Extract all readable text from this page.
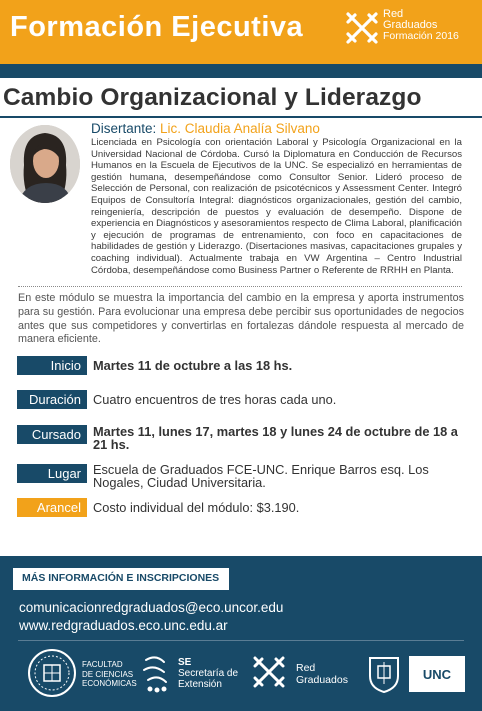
Formación Ejecutiva	Red
Graduados
Formación 2016
Cambio Organizacional y Liderazgo
Disertante: Lic. Claudia Analía Silvano
Licenciada en Psicología con orientación Laboral y Psicología Organizacional en la Universidad Nacional de Córdoba. Cursó la Diplomatura en Conducción de Recursos Humanos en la Escuela de Ejecutivos de la UNC. Se especializó en herramientas de gestión humana, desempeñándose como Consultor Senior. Lideró proceso de Selección de Personal, con realización de psicotécnicos y Assessment Center. Integró Equipos de Consultoría Integral: diagnósticos organizacionales, gestión del cambio, reingeniería, descripción de puestos y evaluación de desempeño. Dispone de experiencia en Diagnósticos y asesoramientos respecto de Clima Laboral, planificación y ejecución de programas de entrenamiento, con foco en capacitaciones de habilidades de gestión y Liderazgo. (Disertaciones masivas, capacitaciones grupales y coaching individual). Actualmente trabaja en VW Argentina – Centro Industrial Córdoba, desempeñándose como Business Partner o Referente de RRHH en Planta.
En este módulo se muestra la importancia del cambio en la empresa y aporta instrumentos para su gestión. Para evolucionar una empresa debe percibir sus oportunidades de negocios antes que sus competidores y convertirlas en fortalezas dándole respuesta al mercado de manera eficiente.
Inicio Martes 11 de octubre a las 18 hs.
Duración Cuatro encuentros de tres horas cada uno.
Cursado Martes 11, lunes 17, martes 18 y lunes 24 de octubre de 18 a 21 hs.
Lugar Escuela de Graduados FCE-UNC. Enrique Barros esq. Los Nogales, Ciudad Universitaria.
Arancel Costo individual del módulo: $3.190.
MÁS INFORMACIÓN E INSCRIPCIONES
comunicacionredgraduados@eco.uncor.edu
www.redgraduados.eco.unc.edu.ar
FACULTAD
DE CIENCIAS
ECONÓMICAS
SE
Secretaría de
Extensión
Red
Graduados	UNC
